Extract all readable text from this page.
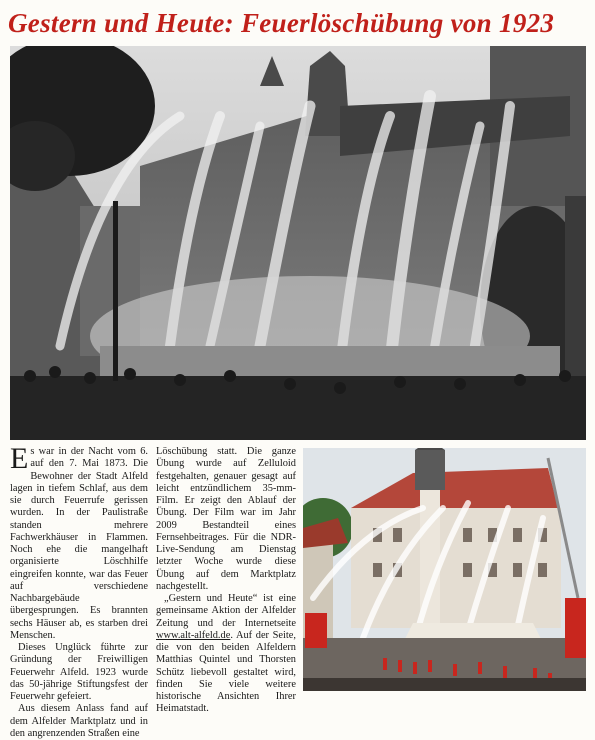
Gestern und Heute: Feuerlöschübung von 1923

Es war in der Nacht vom 6. auf den 7. Mai 1873. Die Bewohner der Stadt Alfeld lagen in tiefem Schlaf, aus dem sie durch Feuerrufe gerissen wurden. In der Paulistraße standen mehrere Fachwerkhäuser in Flammen. Noch ehe die mangelhaft organisierte Löschhilfe eingreifen konnte, war das Feuer auf verschiedene Nachbargebäude übergesprungen. Es brannten sechs Häuser ab, es starben drei Menschen.

Dieses Unglück führte zur Gründung der Freiwilligen Feuerwehr Alfeld. 1923 wurde das 50-jährige Stiftungsfest der Feuerwehr gefeiert.

Aus diesem Anlass fand auf dem Alfelder Marktplatz und in den angrenzenden Straßen eine

Löschübung statt. Die ganze Übung wurde auf Zelluloid festgehalten, genauer gesagt auf leicht entzündlichem 35-mm-Film. Er zeigt den Ablauf der Übung. Der Film war im Jahr 2009 Bestandteil eines Fernsehbeitrages. Für die NDR-Live-Sendung am Dienstag letzter Woche wurde diese Übung auf dem Marktplatz nachgestellt.

„Gestern und Heute“ ist eine gemeinsame Aktion der Alfelder Zeitung und der Internetseite www.alt-alfeld.de. Auf der Seite, die von den beiden Alfeldern Matthias Quintel und Thorsten Schütz liebevoll gestaltet wird, finden Sie viele weitere historische Ansichten Ihrer Heimatstadt.
